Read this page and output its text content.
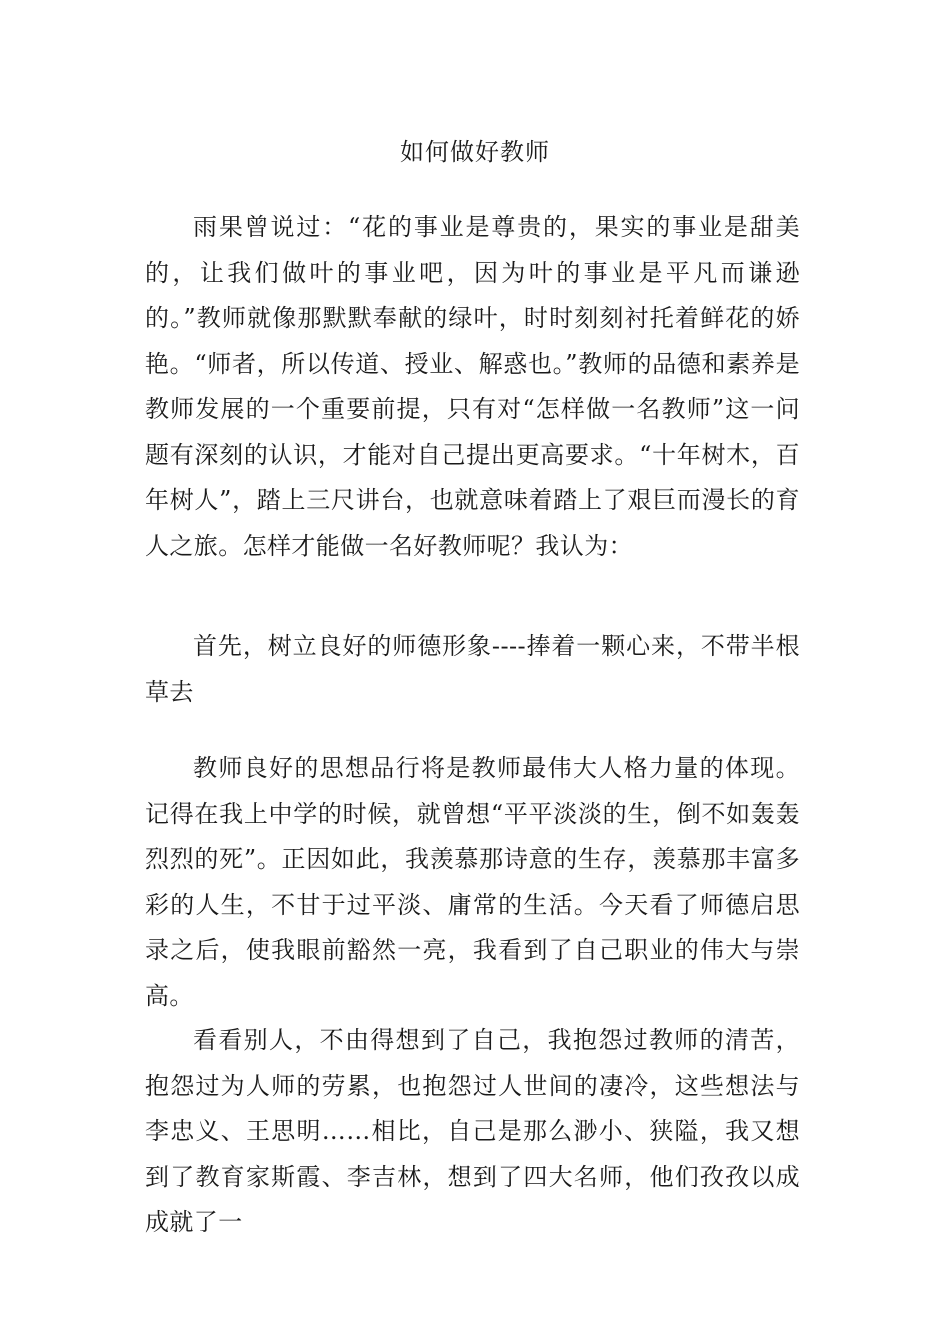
如何做好教师

雨果曾说过：“花的事业是尊贵的，果实的事业是甜美的，让我们做叶的事业吧，因为叶的事业是平凡而谦逊的。”教师就像那默默奉献的绿叶，时时刻刻衬托着鲜花的娇艳。“师者，所以传道、授业、解惑也。”教师的品德和素养是教师发展的一个重要前提，只有对“怎样做一名教师”这一问题有深刻的认识，才能对自己提出更高要求。“十年树木，百年树人”，踏上三尺讲台，也就意味着踏上了艰巨而漫长的育人之旅。怎样才能做一名好教师呢？我认为：

首先，树立良好的师德形象----捧着一颗心来，不带半根草去

教师良好的思想品行将是教师最伟大人格力量的体现。记得在我上中学的时候，就曾想“平平淡淡的生，倒不如轰轰烈烈的死”。正因如此，我羡慕那诗意的生存，羡慕那丰富多彩的人生，不甘于过平淡、庸常的生活。今天看了师德启思录之后，使我眼前豁然一亮，我看到了自己职业的伟大与崇高。

看看别人，不由得想到了自己，我抱怨过教师的清苦，抱怨过为人师的劳累，也抱怨过人世间的凄冷，这些想法与李忠义、王思明……相比，自己是那么渺小、狭隘，我又想到了教育家斯霞、李吉林，想到了四大名师，他们孜孜以成成就了一
